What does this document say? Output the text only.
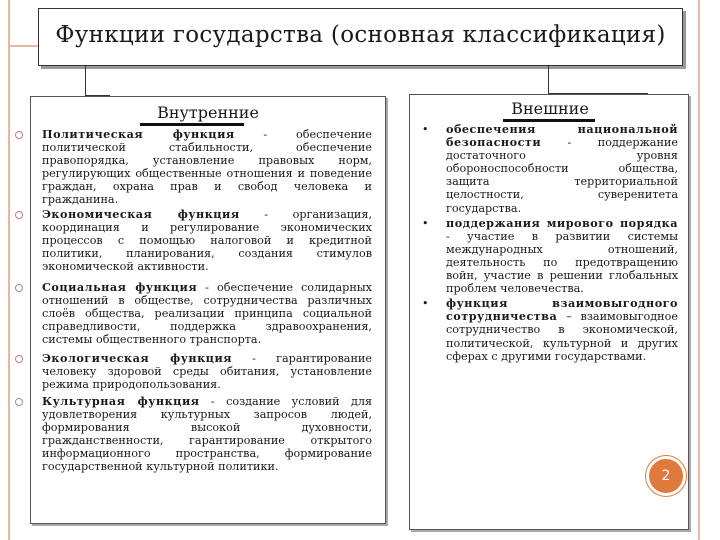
Функции государства (основная классификация)
Внутренние
Политическая функция - обеспечение политической стабильности, обеспечение правопорядка, установление правовых норм, регулирующих общественные отношения и поведение граждан, охрана прав и свобод человека и гражданина.
Экономическая функция - организация, координация и регулирование экономических процессов с помощью налоговой и кредитной политики, планирования, создания стимулов экономической активности.
Социальная функция - обеспечение солидарных отношений в обществе, сотрудничества различных слоёв общества, реализации принципа социальной справедливости, поддержка здравоохранения, системы общественного транспорта.
Экологическая функция - гарантирование человеку здоровой среды обитания, установление режима природопользования.
Культурная функция - создание условий для удовлетворения культурных запросов людей, формирования высокой духовности, гражданственности, гарантирование открытого информационного пространства, формирование государственной культурной политики.
Внешние
• обеспечения национальной безопасности - поддержание достаточного уровня обороноспособности общества, защита территориальной целостности, суверенитета государства.
• поддержания мирового порядка - участие в развитии системы международных отношений, деятельность по предотвращению войн, участие в решении глобальных проблем человечества.
• функция взаимовыгодного сотрудничества – взаимовыгодное сотрудничество в экономической, политической, культурной и других сферах с другими государствами.
2
